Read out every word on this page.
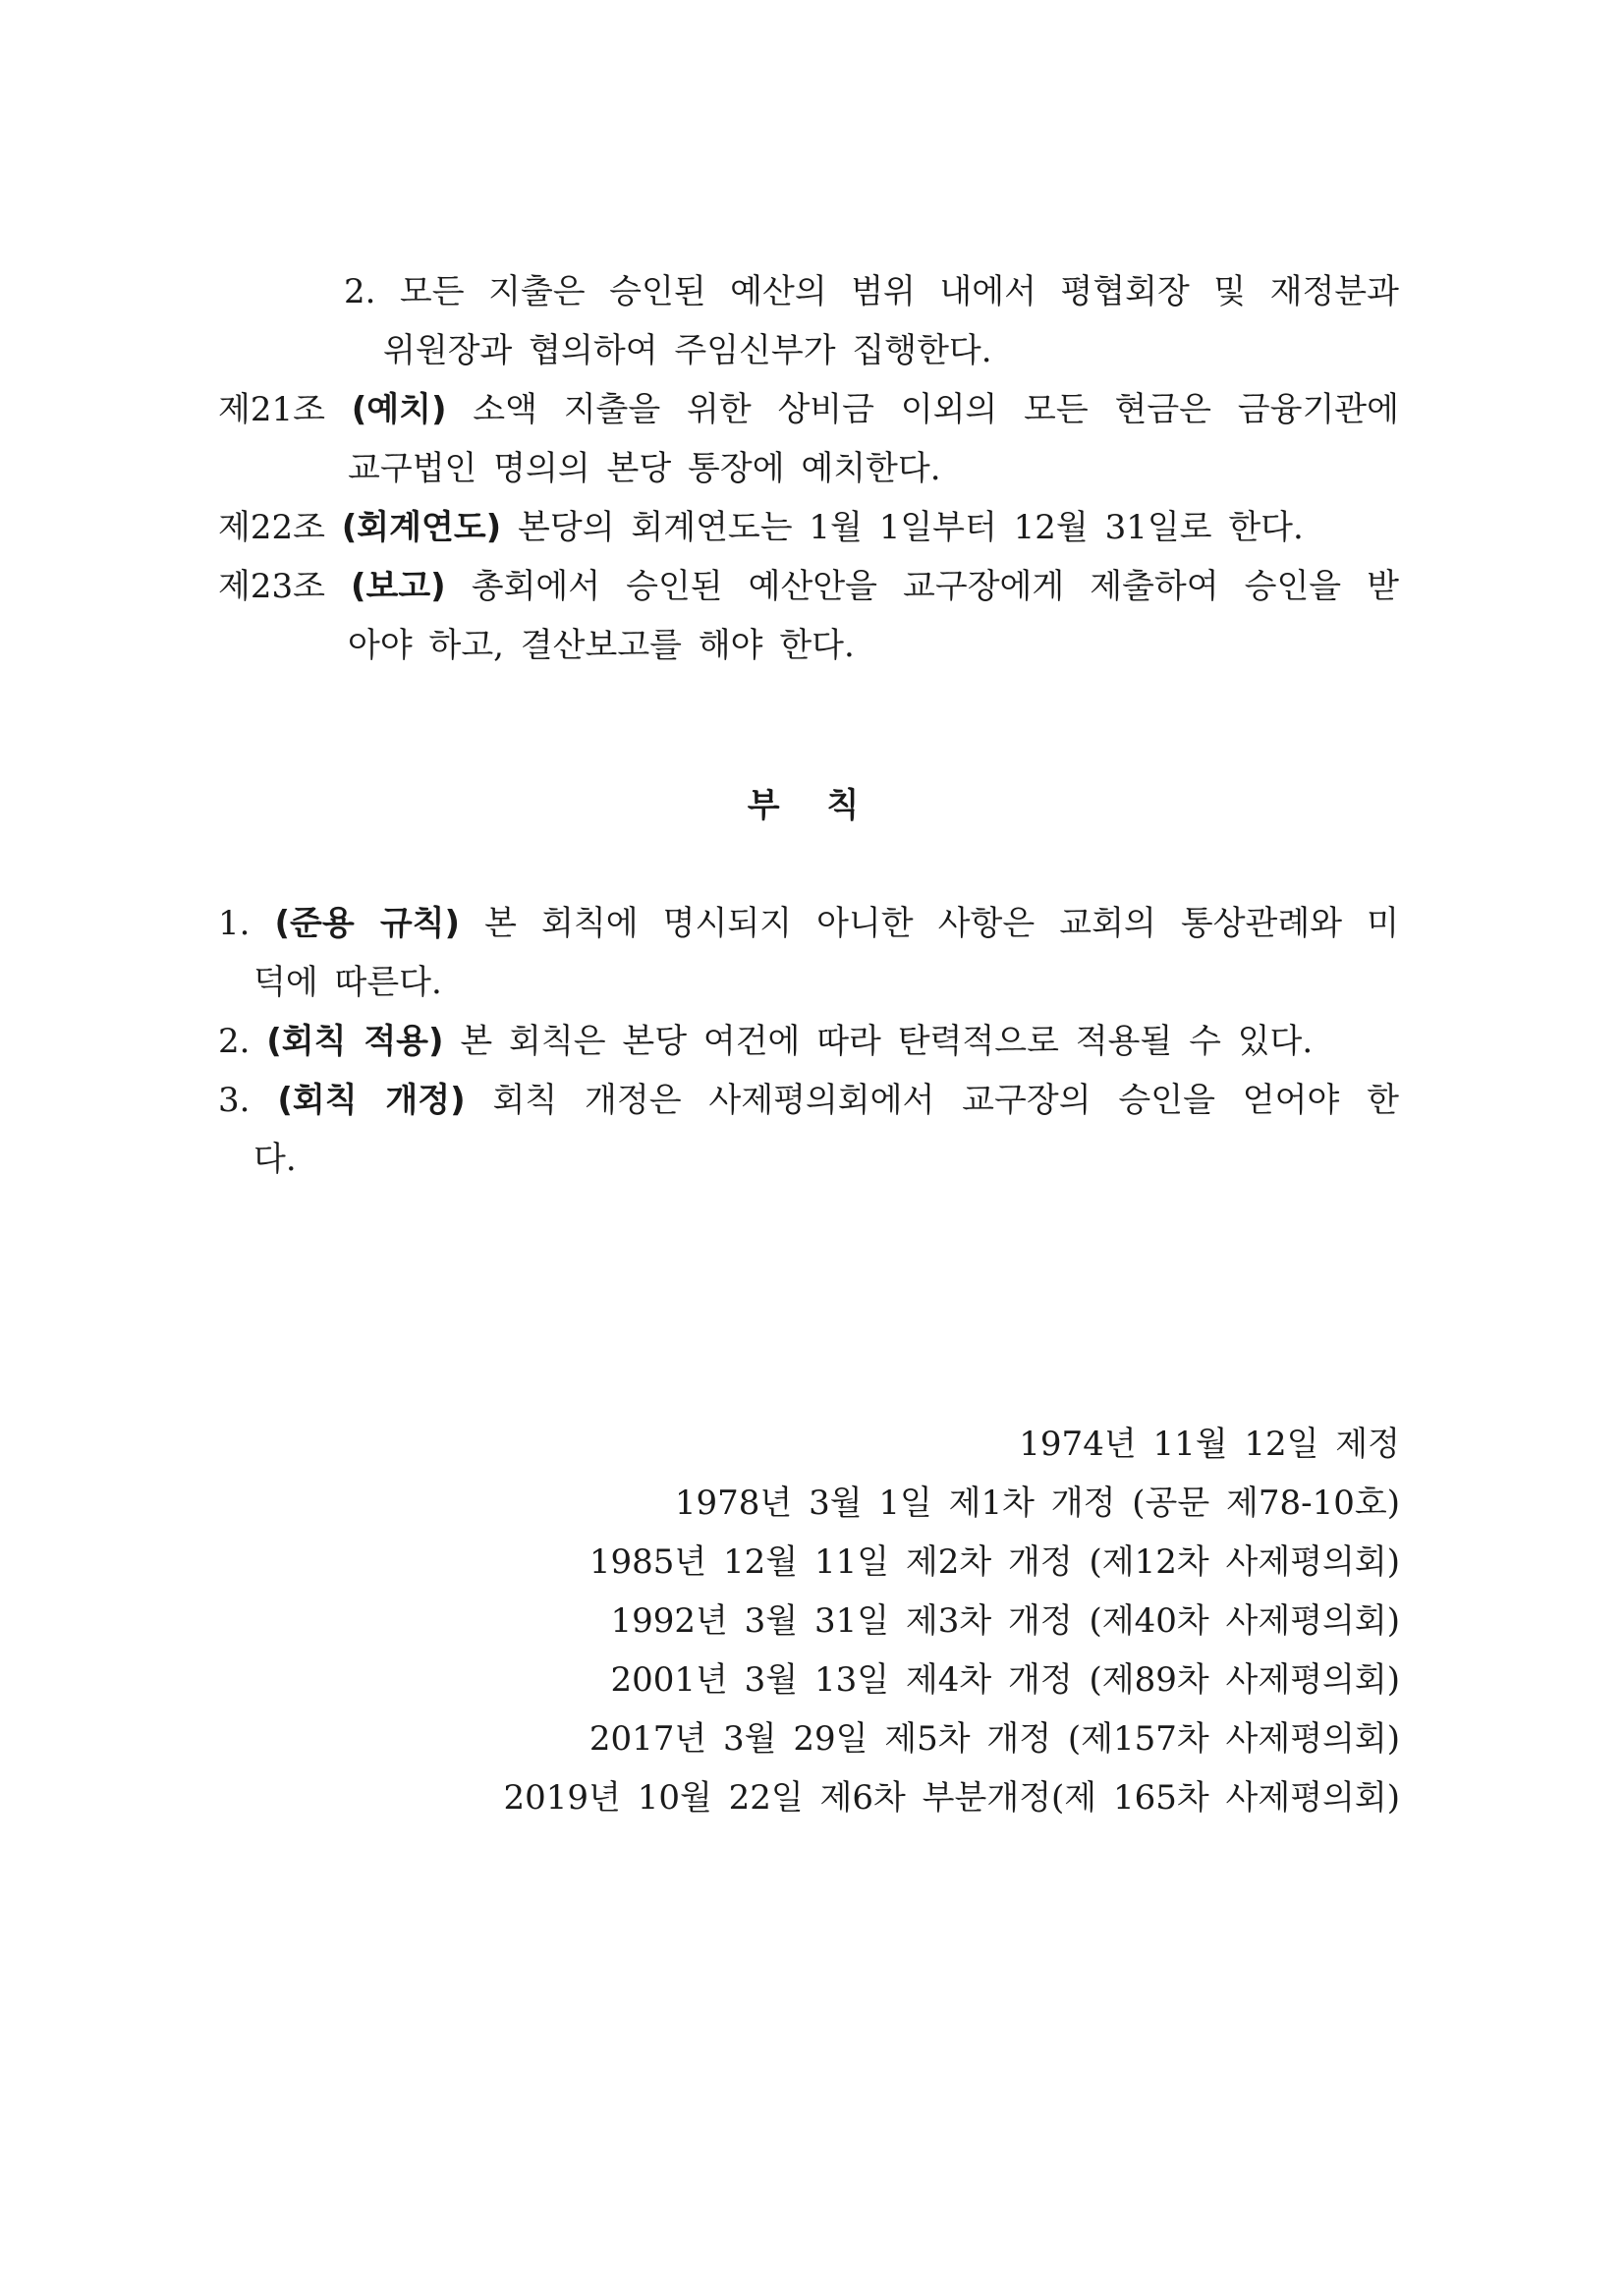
2. 모든 지출은 승인된 예산의 범위 내에서 평협회장 및 재정분과
위원장과 협의하여 주임신부가 집행한다.
제21조 (예치) 소액 지출을 위한 상비금 이외의 모든 현금은 금융기관에
교구법인 명의의 본당 통장에 예치한다.
제22조 (회계연도) 본당의 회계연도는 1월 1일부터 12월 31일로 한다.
제23조 (보고) 총회에서 승인된 예산안을 교구장에게 제출하여 승인을 받
아야 하고, 결산보고를 해야 한다.
부 칙
1. (준용 규칙) 본 회칙에 명시되지 아니한 사항은 교회의 통상관례와 미
덕에 따른다.
2. (회칙 적용) 본 회칙은 본당 여건에 따라 탄력적으로 적용될 수 있다.
3. (회칙 개정) 회칙 개정은 사제평의회에서 교구장의 승인을 얻어야 한
다.
1974년 11월 12일 제정
1978년 3월 1일 제1차 개정 (공문 제78-10호)
1985년 12월 11일 제2차 개정 (제12차 사제평의회)
1992년 3월 31일 제3차 개정 (제40차 사제평의회)
2001년 3월 13일 제4차 개정 (제89차 사제평의회)
2017년 3월 29일 제5차 개정 (제157차 사제평의회)
2019년 10월 22일 제6차 부분개정(제 165차 사제평의회)
